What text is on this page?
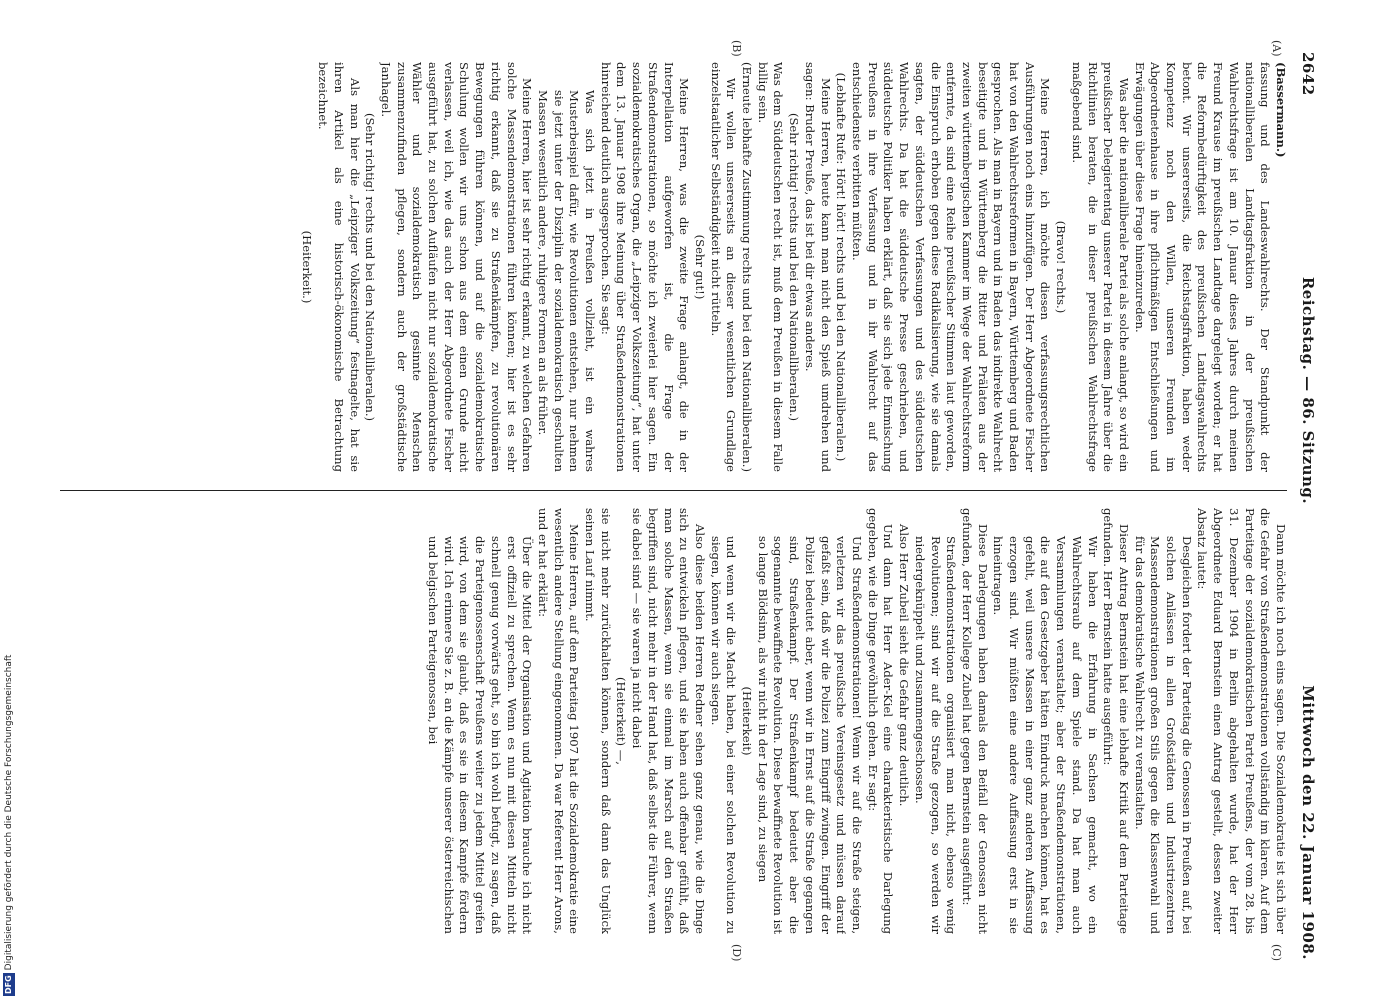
2642
Reichstag. — 86. Sitzung.
Mittwoch den 22. Januar 1908.
(A)
(B)
(C)
(D)

(Bassermann.)

fassung und des Landeswahlrechts. Der Standpunkt der nationalliberalen Landtagsfraktion in der preußischen Wahlrechtsfrage ist am 10. Januar dieses Jahres durch meinen Freund Krause im preußischen Landtage dargelegt worden; er hat die Reformbedürftigkeit des preußischen Landtagswahlrechts betont. Wir unsererseits, die Reichstagsfraktion, haben weder Kompetenz noch den Willen, unseren Freunden im Abgeordnetenhause in ihre pflichtmäßigen Entschließungen und Erwägungen über diese Frage hineinzureden.

Was aber die nationalliberale Partei als solche anlangt, so wird ein preußischer Delegiertentag unserer Partei in diesem Jahre über die Richtlinien beraten, die in dieser preußischen Wahlrechtsfrage maßgebend sind.

(Bravo! rechts.)

Meine Herren, ich möchte diesen verfassungsrechtlichen Ausführungen noch eins hinzufügen. Der Herr Abgeordnete Fischer hat von den Wahlrechtsreformen in Bayern, Württemberg und Baden gesprochen. Als man in Bayern und in Baden das indirekte Wahlrecht beseitigte und in Württemberg die Ritter und Prälaten aus der zweiten württembergischen Kammer im Wege der Wahlrechtsreform entfernte, da sind eine Reihe preußischer Stimmen laut geworden, die Einspruch erhoben gegen diese Radikalisierung, wie sie damals sagten, der süddeutschen Verfassungen und des süddeutschen Wahlrechts. Da hat die süddeutsche Presse geschrieben, und süddeutsche Politiker haben erklärt, daß sie sich jede Einmischung Preußens in ihre Verfassung und in ihr Wahlrecht auf das entschiedenste verbitten müßten.

(Lebhafte Rufe: Hört! hört! rechts und bei den Nationalliberalen.)

Meine Herren, heute kann man nicht den Spieß umdrehen und sagen: Bruder Preuße, das ist bei dir etwas anderes.

(Sehr richtig! rechts und bei den Nationalliberalen.)

Was dem Süddeutschen recht ist, muß dem Preußen in diesem Falle billig sein.

(Erneute lebhafte Zustimmung rechts und bei den Nationalliberalen.)

Wir wollen unsererseits an dieser wesentlichen Grundlage einzelstaatlicher Selbständigkeit nicht rütteln.

(Sehr gut!)

Meine Herren, was die zweite Frage anlangt, die in der Interpellation aufgeworfen ist, die Frage der Straßendemonstrationen, so möchte ich zweierlei hier sagen. Ein sozialdemokratisches Organ, die „Leipziger Volkszeitung“, hat unter dem 13. Januar 1908 ihre Meinung über Straßendemonstrationen hinreichend deutlich ausgesprochen. Sie sagt:

Was sich jetzt in Preußen vollzieht, ist ein wahres Musterbeispiel dafür, wie Revolutionen entstehen, nur nehmen sie jetzt unter der Disziplin der sozialdemokratisch geschulten Massen wesentlich andere, ruhigere Formen an als früher.

Meine Herren, hier ist sehr richtig erkannt, zu welchen Gefahren solche Massendemonstrationen führen können; hier ist es sehr richtig erkannt, daß sie zu Straßenkämpfen, zu revolutionären Bewegungen führen können, und auf die sozialdemokratische Schulung wollen wir uns schon aus dem einen Grunde nicht verlassen, weil ich, wie das auch der Herr Abgeordnete Fischer ausgeführt hat, zu solchen Aufläufen nicht nur sozialdemokratische Wähler und sozialdemokratisch gesinnte Menschen zusammenzufinden pflegen, sondern auch der großstädtische Janhagel.

(Sehr richtig! rechts und bei den Nationalliberalen.)

Als man hier die „Leipziger Volkszeitung“ festnagelte, hat sie ihren Artikel als eine historisch-ökonomische Betrachtung bezeichnet.

(Heiterkeit.)

Dann möchte ich noch eins sagen. Die Sozialdemokratie ist sich über die Gefahr von Straßendemonstrationen vollständig im klaren. Auf dem Parteitage der sozialdemokratischen Partei Preußens, der vom 28. bis 31. Dezember 1904 in Berlin abgehalten wurde, hat der Herr Abgeordnete Eduard Bernstein einen Antrag gestellt, dessen zweiter Absatz lautet:

Desgleichen fordert der Parteitag die Genossen in Preußen auf, bei solchen Anlässen in allen Großstädten und Industriezentren Massendemonstrationen großen Stils gegen die Klassenwahl und für das demokratische Wahlrecht zu veranstalten.

Dieser Antrag Bernstein hat eine lebhafte Kritik auf dem Parteitage gefunden. Herr Bernstein hatte ausgeführt:

Wir haben die Erfahrung in Sachsen gemacht, wo ein Wahlrechtsraub auf dem Spiele stand. Da hat man auch Versammlungen veranstaltet; aber der Straßendemonstrationen, die auf den Gesetzgeber hätten Eindruck machen können, hat es gefehlt, weil unsere Massen in einer ganz anderen Auffassung erzogen sind. Wir müßten eine andere Auffassung erst in sie hineintragen.

Diese Darlegungen haben damals den Beifall der Genossen nicht gefunden, der Herr Kollege Zubeil hat gegen Bernstein ausgeführt:

Straßendemonstrationen organisiert man nicht, ebenso wenig Revolutionen; sind wir auf die Straße gezogen, so werden wir niedergeknüppelt und zusammengeschossen.

Also Herr Zubeil sieht die Gefahr ganz deutlich.

Und dann hat Herr Ader-Kiel eine charakteristische Darlegung gegeben, wie die Dinge gewöhnlich gehen. Er sagt:

Und Straßendemonstrationen! Wenn wir auf die Straße steigen, verletzen wir das preußische Vereinsgesetz und müssen darauf gefaßt sein, daß wir die Polizei zum Eingriff zwingen. Eingriff der Polizei bedeutet aber, wenn wir in Ernst auf die Straße gegangen sind, Straßenkampf. Der Straßenkampf bedeutet aber die sogenannte bewaffnete Revolution. Diese bewaffnete Revolution ist so lange Blödsinn, als wir nicht in der Lage sind, zu siegen

(Heiterkeit)

und wenn wir die Macht haben, bei einer solchen Revolution zu siegen, können wir auch siegen.

Also diese beiden Herren Redner sehen ganz genau, wie die Dinge sich zu entwickeln pflegen, und sie haben auch offenbar gefühlt, daß man solche Massen, wenn sie einmal im Marsch auf den Straßen begriffen sind, nicht mehr in der Hand hat, daß selbst die Führer, wenn sie dabei sind — sie waren ja nicht dabei

(Heiterkeit) —,

sie nicht mehr zurückhalten können, sondern daß dann das Unglück seinen Lauf nimmt.

Meine Herren, auf dem Parteitag 1907 hat die Sozialdemokratie eine wesentlich andere Stellung eingenommen. Da war Referent Herr Arons, und er hat erklärt:

Über die Mittel der Organisation und Agitation brauche ich nicht erst offiziell zu sprechen. Wenn es nun mit diesen Mitteln nicht schnell genug vorwärts geht, so bin ich wohl befugt, zu sagen, daß die Parteigenossenschaft Preußens weiter zu jedem Mittel greifen wird, von dem sie glaubt, daß es sie in diesem Kampfe fördern wird. Ich erinnere Sie z. B. an die Kämpfe unserer österreichischen und belgischen Parteigenossen, bei

DFGDigitalisierung gefördert durch die Deutsche Forschungsgemeinschaft
